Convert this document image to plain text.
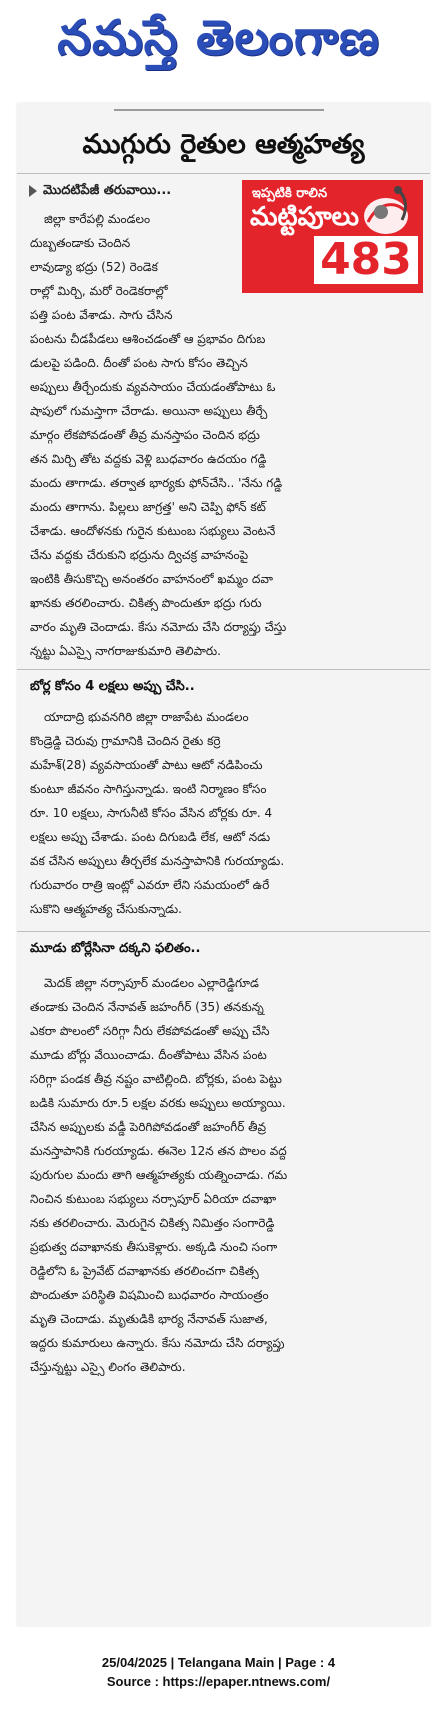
నమస్తే తెలంగాణ
ముగ్గురు రైతుల ఆత్మహత్య
మొదటిపేజీ తరువాయి...	ఇప్పటికి రాలిన
మట్టిపూలు
483
జిల్లా కారేపల్లి మండలం
దుబ్బతండాకు చెందిన
లావుడ్యా భద్రు (52) రెండెక
రాల్లో మిర్చి, మరో రెండెకరాల్లో
పత్తి పంట వేశాడు. సాగు చేసిన
పంటను చీడపీడలు ఆశించడంతో ఆ ప్రభావం దిగుబ
డులపై పడింది. దీంతో పంట సాగు కోసం తెచ్చిన
అప్పులు తీర్చేందుకు వ్యవసాయం చేయడంతోపాటు ఓ
షాపులో గుమస్తాగా చేరాడు. అయినా అప్పులు తీర్చే
మార్గం లేకపోవడంతో తీవ్ర మనస్తాపం చెందిన భద్రు
తన మిర్చి తోట వద్దకు వెళ్లి బుధవారం ఉదయం గడ్డి
మందు తాగాడు. తర్వాత భార్యకు ఫోన్‌చేసి.. 'నేను గడ్డి
మందు తాగాను. పిల్లలు జాగ్రత్త' అని చెప్పి ఫోన్ కట్
చేశాడు. ఆందోళనకు గురైన కుటుంబ సభ్యులు వెంటనే
చేను వద్దకు చేరుకుని భద్రును ద్విచక్ర వాహనంపై
ఇంటికి తీసుకొచ్చి అనంతరం వాహనంలో ఖమ్మం దవా
ఖానకు తరలించారు. చికిత్స పొందుతూ భద్రు గురు
వారం మృతి చెందాడు. కేసు నమోదు చేసి దర్యాప్తు చేస్తు
న్నట్టు ఏఎస్సై నాగరాజుకుమారి తెలిపారు.
బోర్ల కోసం 4 లక్షలు అప్పు చేసి..
యాదాద్రి భువనగిరి జిల్లా రాజాపేట మండలం
కొండ్రెడ్డి చెరువు గ్రామానికి చెందిన రైతు కర్రె
మహేశ్(28) వ్యవసాయంతో పాటు ఆటో నడిపించు
కుంటూ జీవనం సాగిస్తున్నాడు. ఇంటి నిర్మాణం కోసం
రూ. 10 లక్షలు, సాగునీటి కోసం వేసిన బోర్లకు రూ. 4
లక్షలు అప్పు చేశాడు. పంట దిగుబడి లేక, ఆటో నడు
వక చేసిన అప్పులు తీర్చలేక మనస్తాపానికి గురయ్యాడు.
గురువారం రాత్రి ఇంట్లో ఎవరూ లేని సమయంలో ఉరే
సుకొని ఆత్మహత్య చేసుకున్నాడు.
మూడు బోర్లేసినా దక్కని ఫలితం..
మెదక్ జిల్లా నర్సాపూర్ మండలం ఎల్లారెడ్డిగూడ
తండాకు చెందిన నేనావత్ జహంగీర్ (35) తనకున్న
ఎకరా పొలంలో సరిగ్గా నీరు లేకపోవడంతో అప్పు చేసి
మూడు బోర్లు వేయించాడు. దీంతోపాటు వేసిన పంట
సరిగ్గా పండక తీవ్ర నష్టం వాటిల్లింది. బోర్లకు, పంట పెట్టు
బడికి సుమారు రూ.5 లక్షల వరకు అప్పులు అయ్యాయి.
చేసిన అప్పులకు వడ్డీ పెరిగిపోవడంతో జహంగీర్ తీవ్ర
మనస్తాపానికి గురయ్యాడు. ఈనెల 12న తన పొలం వద్ద
పురుగుల మందు తాగి ఆత్మహత్యకు యత్నించాడు. గమ
నించిన కుటుంబ సభ్యులు నర్సాపూర్ ఏరియా దవాఖా
నకు తరలించారు. మెరుగైన చికిత్స నిమిత్తం సంగారెడ్డి
ప్రభుత్వ దవాఖానకు తీసుకెళ్లారు. అక్కడి నుంచి సంగా
రెడ్డిలోని ఓ ప్రైవేట్ దవాఖానకు తరలించగా చికిత్స
పొందుతూ పరిస్థితి విషమించి బుధవారం సాయంత్రం
మృతి చెందాడు. మృతుడికి భార్య నేనావత్ సుజాత,
ఇద్దరు కుమారులు ఉన్నారు. కేసు నమోదు చేసి దర్యాప్తు
చేస్తున్నట్టు ఎస్సై లింగం తెలిపారు.
25/04/2025 | Telangana Main | Page : 4
Source : https://epaper.ntnews.com/
